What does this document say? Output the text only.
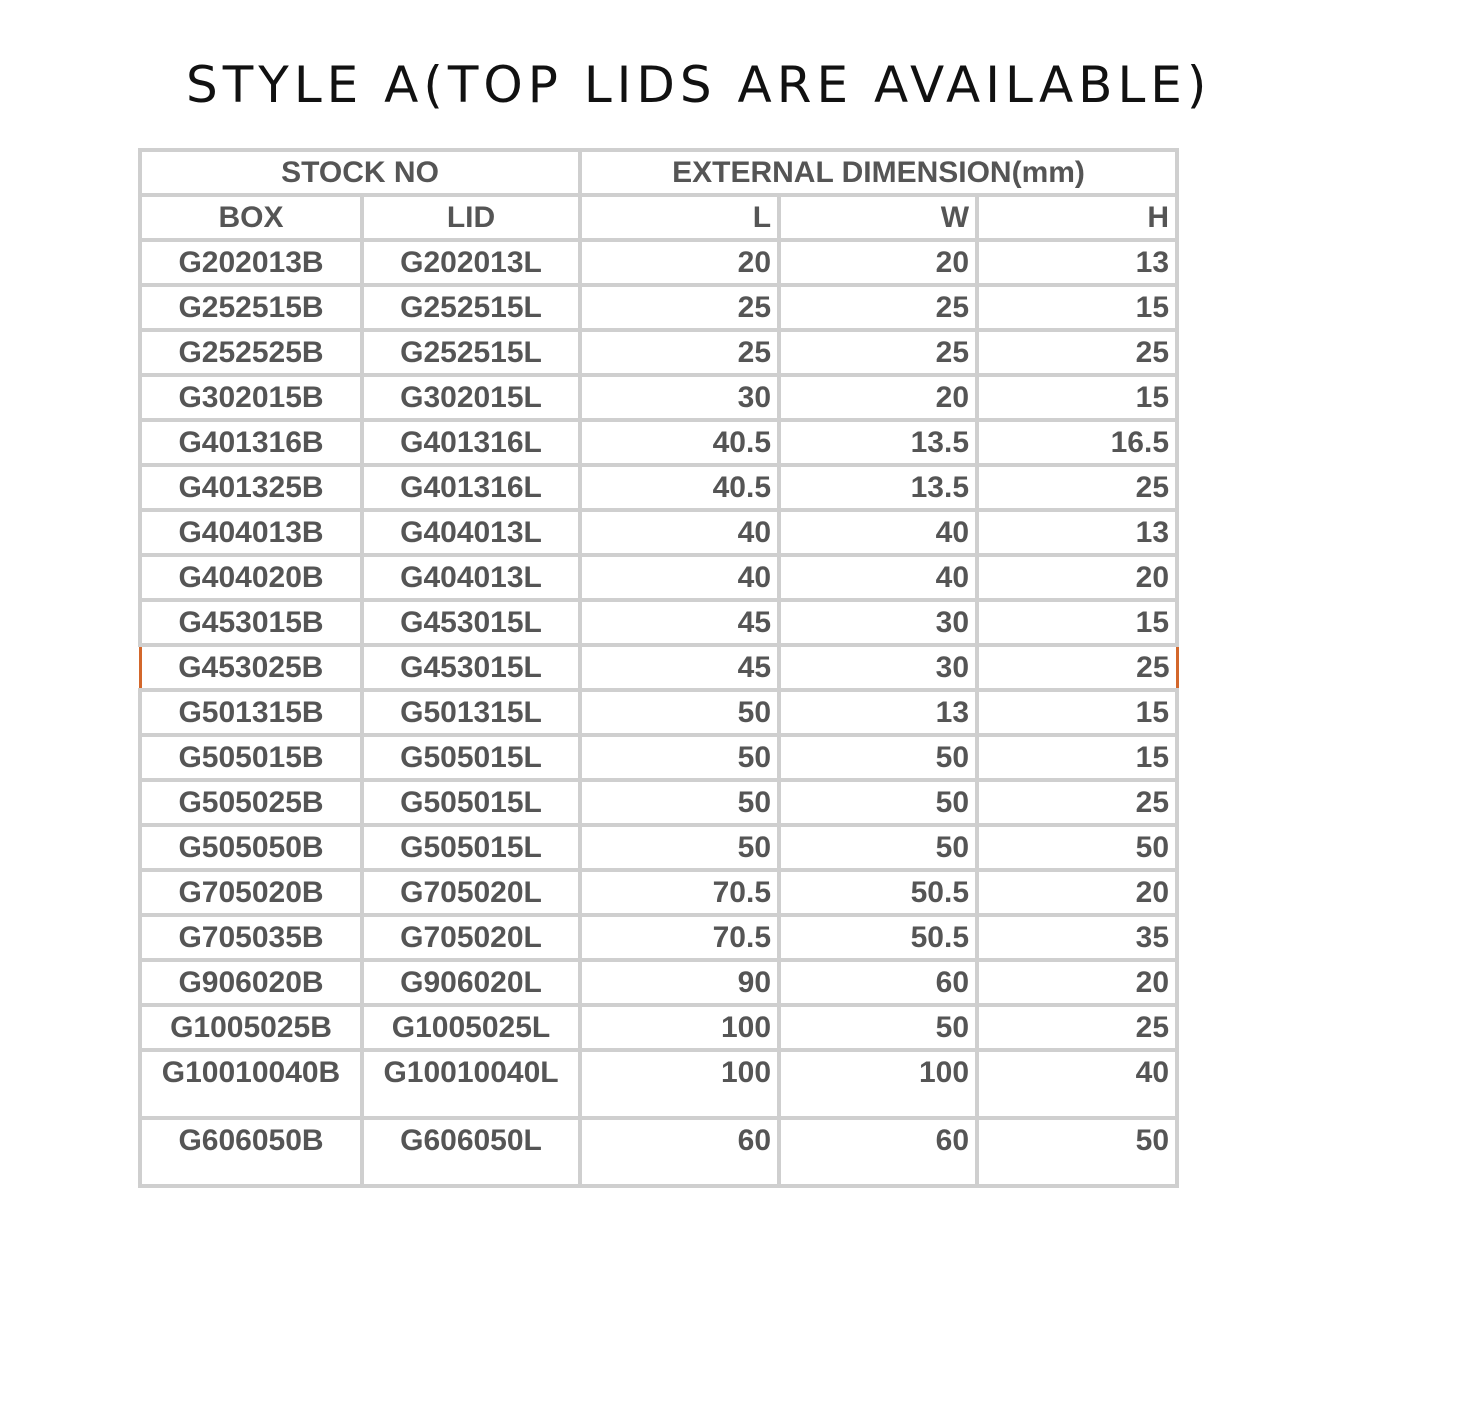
STYLE A(TOP LIDS ARE AVAILABLE)
STOCK NO		EXTERNAL DIMENSION(mm)		
BOX	LID	L	W	H
G202013B	G202013L	20	20	13
G252515B	G252515L	25	25	15
G252525B	G252515L	25	25	25
G302015B	G302015L	30	20	15
G401316B	G401316L	40.5	13.5	16.5
G401325B	G401316L	40.5	13.5	25
G404013B	G404013L	40	40	13
G404020B	G404013L	40	40	20
G453015B	G453015L	45	30	15
G453025B	G453015L	45	30	25
G501315B	G501315L	50	13	15
G505015B	G505015L	50	50	15
G505025B	G505015L	50	50	25
G505050B	G505015L	50	50	50
G705020B	G705020L	70.5	50.5	20
G705035B	G705020L	70.5	50.5	35
G906020B	G906020L	90	60	20
G1005025B	G1005025L	100	50	25
G10010040B	G10010040L	100	100	40
G606050B	G606050L	60	60	50
